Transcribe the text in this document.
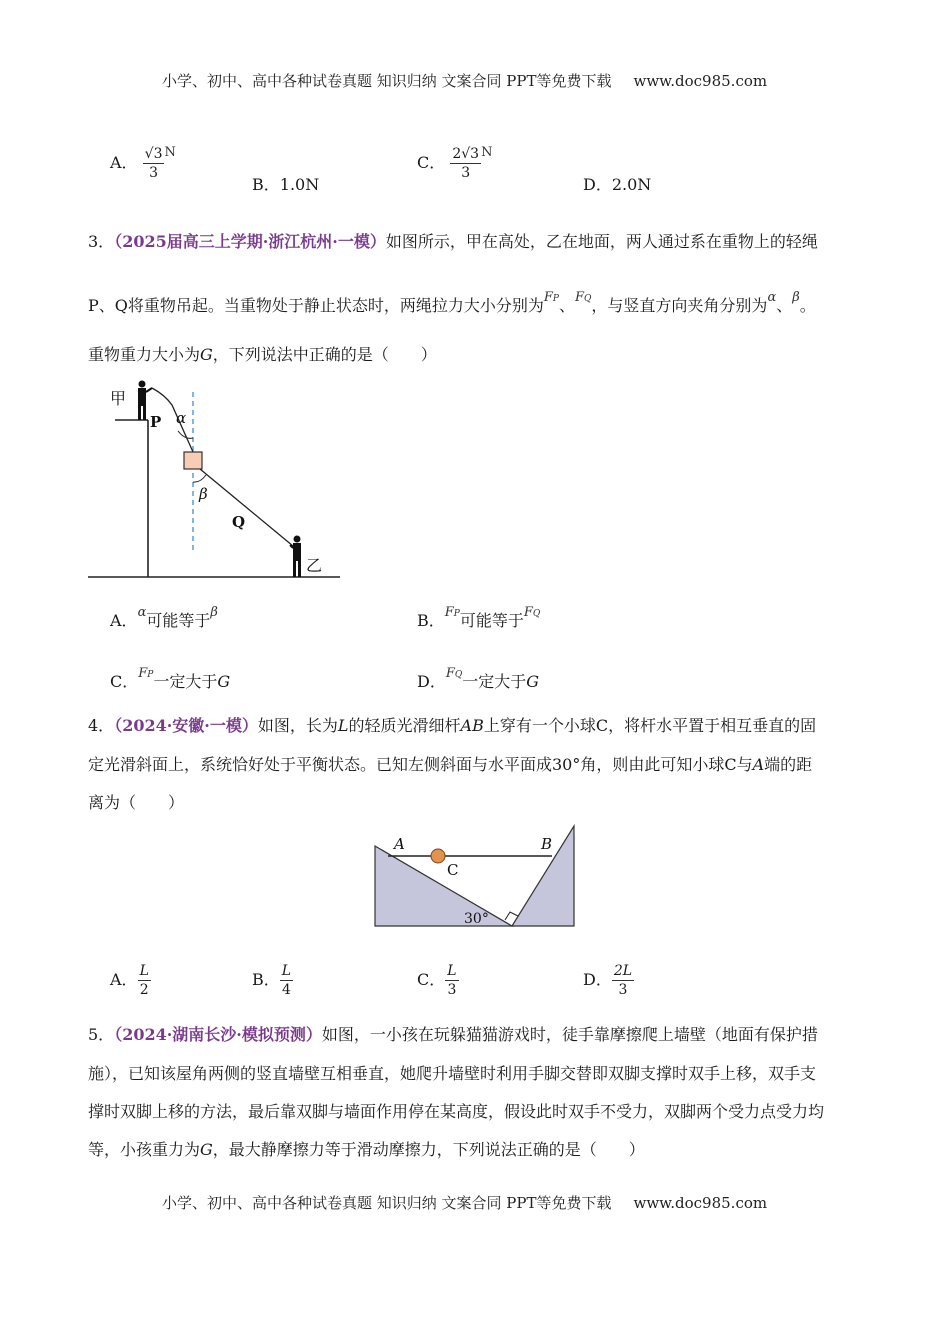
小学、初中、高中各种试卷真题 知识归纳 文案合同 PPT等免费下载 www.doc985.com
A． $\frac{√3}{3} ^N$
B．1.0N
C． $\frac{2√3}{3} ^N$
D．2.0N
3．（2025届高三上学期·浙江杭州·一模）如图所示，甲在高处，乙在地面，两人通过系在重物上的轻绳
P、Q将重物吊起。当重物处于静止状态时，两绳拉力大小分别为$^{FP}$、$^{FQ}$，与竖直方向夹角分别为$^\alpha$、$^\beta$。
重物重力大小为G，下列说法中正确的是（　　）
甲
P α
β
Q
乙
A．$^\alpha$可能等于$^\beta$	B．$^{FP}$可能等于$^{FQ}$
C．$^{FP}$一定大于G	D．$^{FQ}$一定大于G
4．（2024·安徽·一模）如图，长为L的轻质光滑细杆AB上穿有一个小球C，将杆水平置于相互垂直的固
定光滑斜面上，系统恰好处于平衡状态。已知左侧斜面与水平面成30°角，则由此可知小球C与A端的距
离为（　　）
A	B
C
30°
A． $\frac{L}{2}$	B． $\frac{L}{4}$	C． $\frac{L}{3}$	D． $\frac{2L}{3}$
5．（2024·湖南长沙·模拟预测）如图，一小孩在玩躲猫猫游戏时，徒手靠摩擦爬上墙壁（地面有保护措
施），已知该屋角两侧的竖直墙壁互相垂直，她爬升墙壁时利用手脚交替即双脚支撑时双手上移，双手支
撑时双脚上移的方法，最后靠双脚与墙面作用停在某高度，假设此时双手不受力，双脚两个受力点受力均
等，小孩重力为G，最大静摩擦力等于滑动摩擦力，下列说法正确的是（　　）
小学、初中、高中各种试卷真题 知识归纳 文案合同 PPT等免费下载 www.doc985.com
